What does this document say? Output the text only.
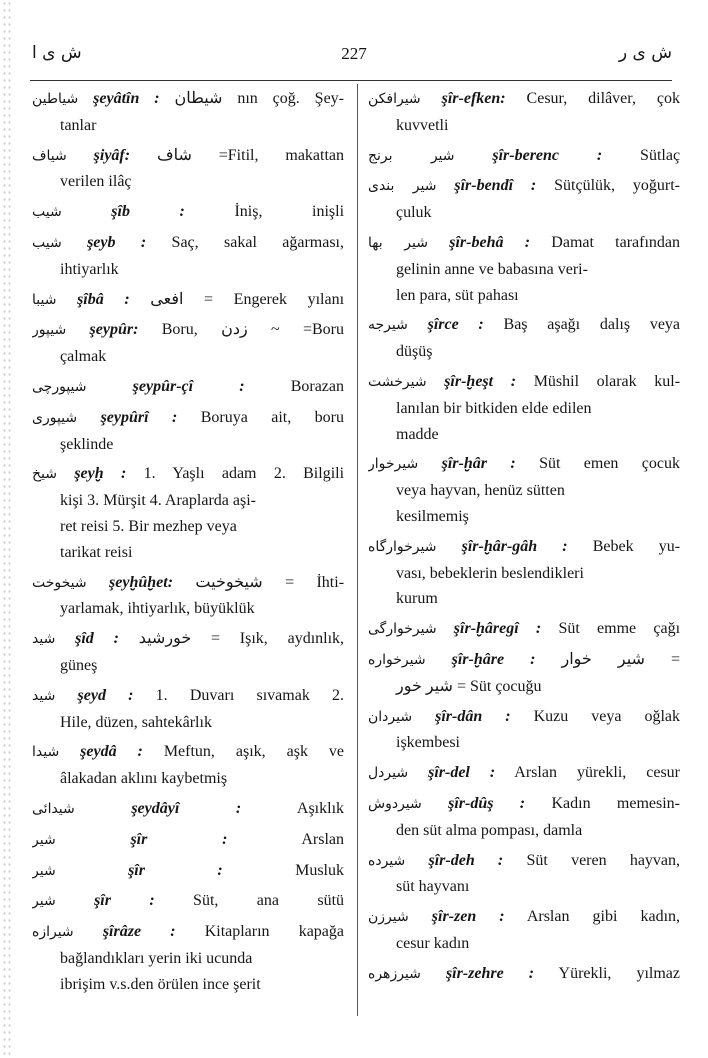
ش ی ا	227	ش ی ر
شياطين şeyâtîn : شیطان nın çoğ. Şey-
tanlar
شياف şiyâf: شاف =Fitil, makattan
verilen ilâç
شيب	şîb :	İniş, inişli
شيب şeyb : Saç, sakal ağarması,
ihtiyarlık
شيبا şîbâ : افعى = Engerek yılanı
شيپور şeypûr: Boru, زدن ~ =Boru
çalmak
شيپورچى	şeypûr-çî :	Borazan
شيپورى şeypûrî : Boruya ait, boru
şeklinde
شيخ şeyḫ : 1. Yaşlı adam 2. Bilgili
kişi 3. Mürşit 4. Araplarda aşi-
ret reisi 5. Bir mezhep veya
tarikat reisi
شيخوخت şeyḫûḫet: شيخوخيت = İhti-
yarlamak, ihtiyarlık, büyüklük
شيد şîd : خورشيد = Işık, aydınlık,
güneş
شيد şeyd : 1. Duvarı sıvamak 2.
Hile, düzen, sahtekârlık
شيدا şeydâ : Meftun, aşık, aşk ve
âlakadan aklını kaybetmiş
شيدائى	şeydâyî :	Aşıklık
شير	şîr :	Arslan
شير	şîr :	Musluk
شير şîr : Süt, ana sütü
شيرازه şîrâze : Kitapların kapağa
bağlandıkları yerin iki ucunda
ibrişim v.s.den örülen ince şerit
شيرافكن şîr-efken: Cesur, dilâver, çok
kuvvetli
شير برنج şîr-berenc : Sütlaç
شير بندى şîr-bendî : Sütçülük, yoğurt-
çuluk
شير بها şîr-behâ : Damat tarafından
gelinin anne ve babasına veri-
len para, süt pahası
شيرجه şîrce : Baş aşağı dalış veya
düşüş
شيرخشت şîr-ḫeşt : Müshil olarak kul-
lanılan bir bitkiden elde edilen
madde
شيرخوار şîr-ḫâr : Süt emen çocuk
veya hayvan, henüz sütten
kesilmemiş
شيرخوارگاه şîr-ḫâr-gâh : Bebek yu-
vası, bebeklerin beslendikleri
kurum
شيرخوارگى şîr-ḫâregî : Süt emme çağı
شيرخواره şîr-ḫâre : شير خوار =
شير خور = Süt çocuğu
شيردان şîr-dân : Kuzu veya oğlak
işkembesi
شيردل şîr-del : Arslan yürekli, cesur
شيردوش şîr-dûş : Kadın memesin-
den süt alma pompası, damla
شيرده şîr-deh : Süt veren hayvan,
süt hayvanı
شيرزن şîr-zen : Arslan gibi kadın,
cesur kadın
شيرزهره şîr-zehre : Yürekli, yılmaz
